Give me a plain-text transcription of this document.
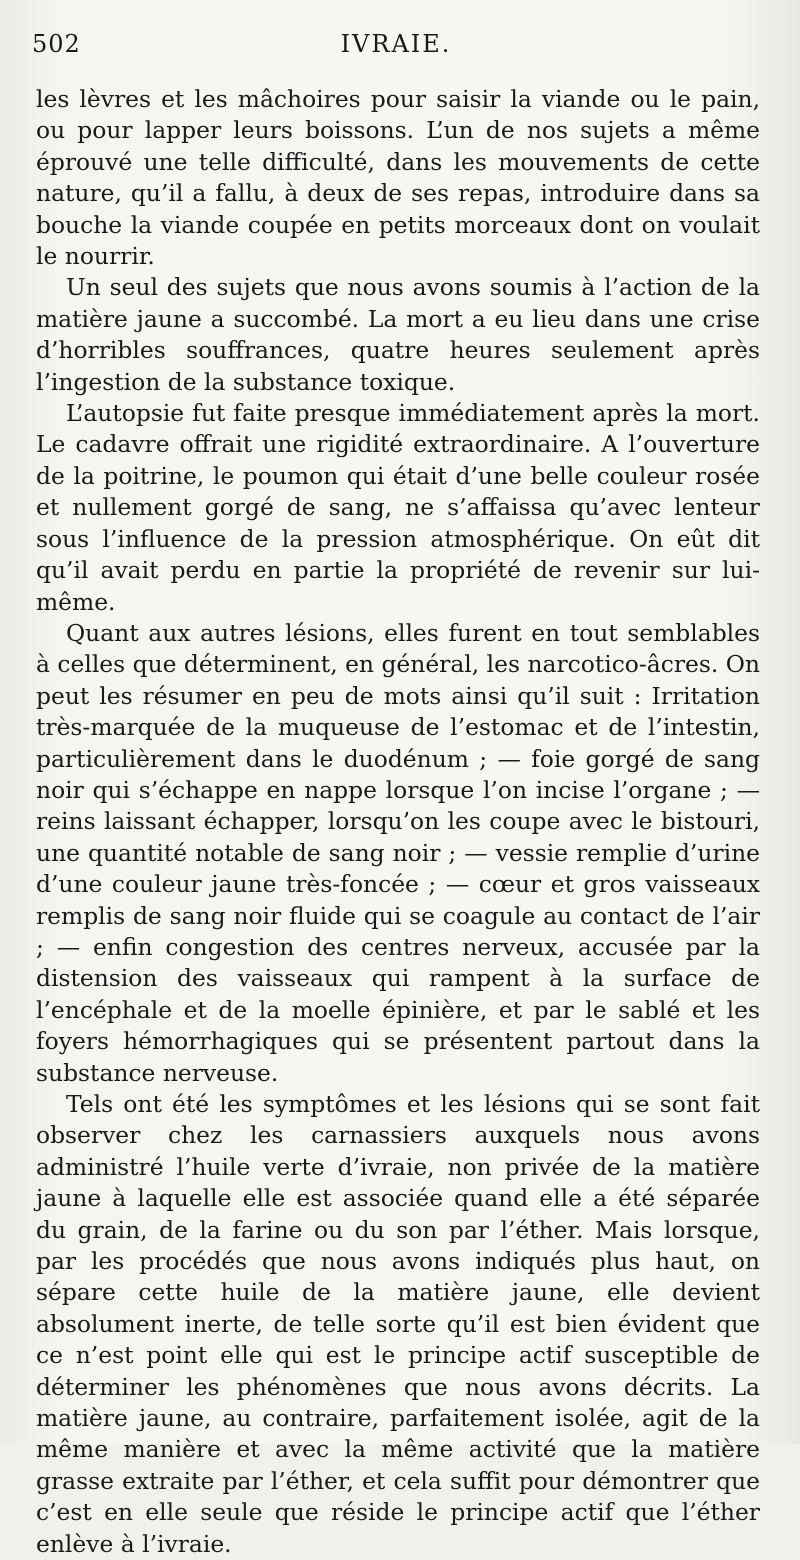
502	IVRAIE.

les lèvres et les mâchoires pour saisir la viande ou le pain, ou pour lapper leurs boissons. L’un de nos sujets a même éprouvé une telle difficulté, dans les mouvements de cette nature, qu’il a fallu, à deux de ses repas, introduire dans sa bouche la viande coupée en petits morceaux dont on voulait le nourrir.

Un seul des sujets que nous avons soumis à l’action de la matière jaune a succombé. La mort a eu lieu dans une crise d’horribles souffrances, quatre heures seulement après l’ingestion de la substance toxique.

L’autopsie fut faite presque immédiatement après la mort. Le cadavre offrait une rigidité extraordinaire. A l’ouverture de la poitrine, le poumon qui était d’une belle couleur rosée et nullement gorgé de sang, ne s’affaissa qu’avec lenteur sous l’influence de la pression atmosphérique. On eût dit qu’il avait perdu en partie la propriété de revenir sur lui-même.

Quant aux autres lésions, elles furent en tout semblables à celles que déterminent, en général, les narcotico-âcres. On peut les résumer en peu de mots ainsi qu’il suit : Irritation très-marquée de la muqueuse de l’estomac et de l’intestin, particulièrement dans le duodénum ; — foie gorgé de sang noir qui s’échappe en nappe lorsque l’on incise l’organe ; — reins laissant échapper, lorsqu’on les coupe avec le bistouri, une quantité notable de sang noir ; — vessie remplie d’urine d’une couleur jaune très-foncée ; — cœur et gros vaisseaux remplis de sang noir fluide qui se coagule au contact de l’air ; — enfin congestion des centres nerveux, accusée par la distension des vaisseaux qui rampent à la surface de l’encéphale et de la moelle épinière, et par le sablé et les foyers hémorrhagiques qui se présentent partout dans la substance nerveuse.

Tels ont été les symptômes et les lésions qui se sont fait observer chez les carnassiers auxquels nous avons administré l’huile verte d’ivraie, non privée de la matière jaune à laquelle elle est associée quand elle a été séparée du grain, de la farine ou du son par l’éther. Mais lorsque, par les procédés que nous avons indiqués plus haut, on sépare cette huile de la matière jaune, elle devient absolument inerte, de telle sorte qu’il est bien évident que ce n’est point elle qui est le principe actif susceptible de déterminer les phénomènes que nous avons décrits. La matière jaune, au contraire, parfaitement isolée, agit de la même manière et avec la même activité que la matière grasse extraite par l’éther, et cela suffit pour démontrer que c’est en elle seule que réside le principe actif que l’éther enlève à l’ivraie.
